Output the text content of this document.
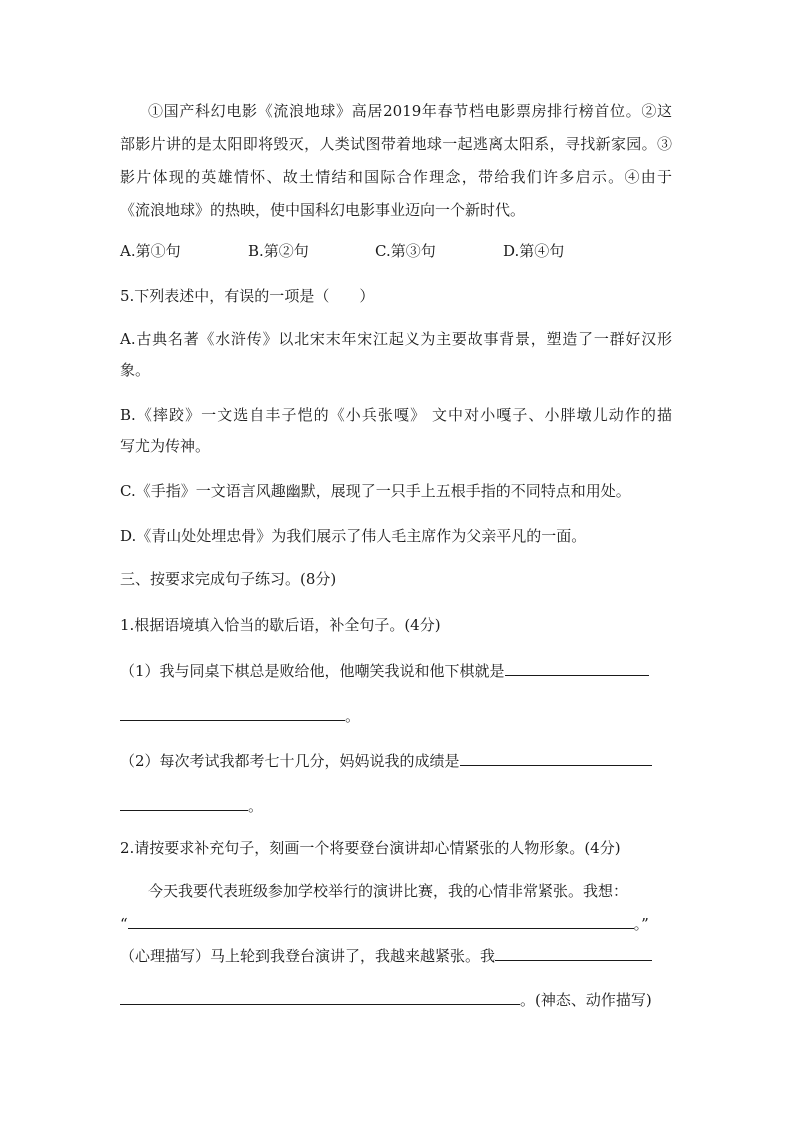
①国产科幻电影《流浪地球》高居2019年春节档电影票房排行榜首位。②这
部影片讲的是太阳即将毁灭，人类试图带着地球一起逃离太阳系，寻找新家园。③
影片体现的英雄情怀、故土情结和国际合作理念，带给我们许多启示。④由于
《流浪地球》的热映，使中国科幻电影事业迈向一个新时代。
A.第①句	B.第②句	C.第③句	D.第④句
5.下列表述中，有误的一项是（　　）
A.古典名著《水浒传》以北宋末年宋江起义为主要故事背景，塑造了一群好汉形
象。
B.《摔跤》一文选自丰子恺的《小兵张嘎》 文中对小嘎子、小胖墩儿动作的描
写尤为传神。
C.《手指》一文语言风趣幽默，展现了一只手上五根手指的不同特点和用处。
D.《青山处处埋忠骨》为我们展示了伟人毛主席作为父亲平凡的一面。
三、按要求完成句子练习。(8分)
1.根据语境填入恰当的歇后语，补全句子。(4分)
（1）我与同桌下棋总是败给他，他嘲笑我说和他下棋就是
。
（2）每次考试我都考七十几分，妈妈说我的成绩是
。
2.请按要求补充句子，刻画一个将要登台演讲却心情紧张的人物形象。(4分)
今天我要代表班级参加学校举行的演讲比赛，我的心情非常紧张。我想：
“	。”
（心理描写）马上轮到我登台演讲了，我越来越紧张。我
。(神态、动作描写)
